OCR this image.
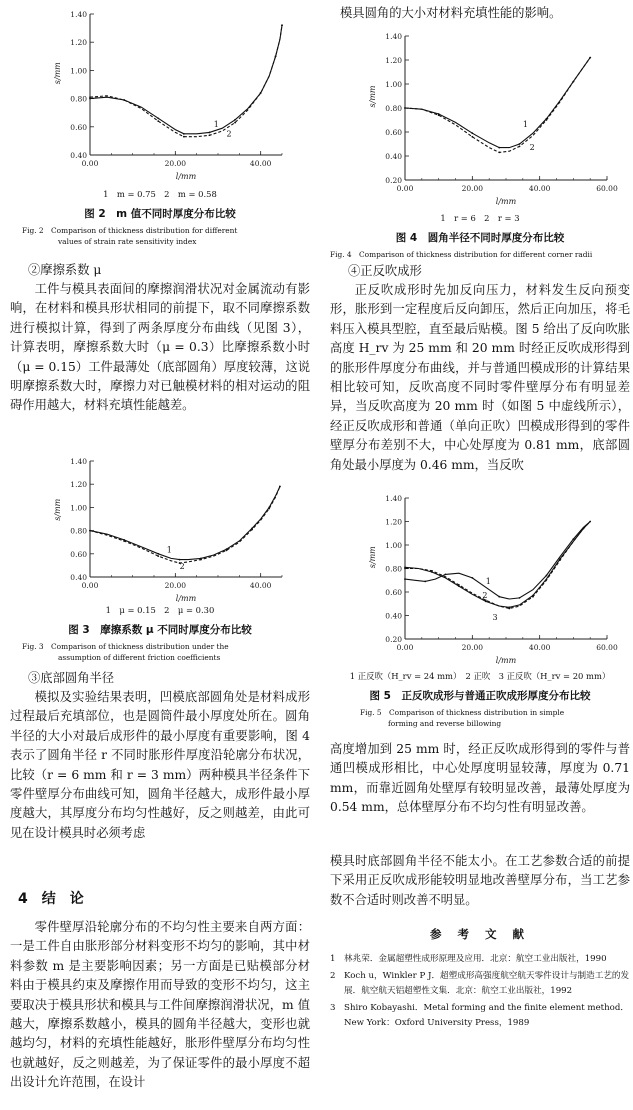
0.40
0.60
0.80
1.00
1.20
1.40
0.00	20.00	40.00
l/mm
s/mm
1
2
1　m = 0.75　2　m = 0.58
图 2　m 值不同时厚度分布比较
Fig. 2　Comparison of thickness distribution for different
values of strain rate sensitivity index

②摩擦系数 μ

工件与模具表面间的摩擦润滑状况对金属流动有影响，在材料和模具形状相同的前提下，取不同摩擦系数进行模拟计算，得到了两条厚度分布曲线（见图 3），计算表明，摩擦系数大时（μ = 0.3）比摩擦系数小时（μ = 0.15）工件最薄处（底部圆角）厚度较薄，这说明摩擦系数大时，摩擦力对已触模材料的相对运动的阻碍作用越大，材料充填性能越差。

0.40
0.60
0.80
1.00
1.20
1.40
0.00	20.00	40.00
l/mm
s/mm
1
2
1　μ = 0.15　2　μ = 0.30
图 3　摩擦系数 μ 不同时厚度分布比较
Fig. 3　Comparison of thickness distribution under the
assumption of different friction coefficients

③底部圆角半径

模拟及实验结果表明，凹模底部圆角处是材料成形过程最后充填部位，也是圆筒件最小厚度处所在。圆角半径的大小对最后成形件的最小厚度有重要影响，图 4 表示了圆角半径 r 不同时胀形件厚度沿轮廓分布状况，比较（r = 6 mm 和 r = 3 mm）两种模具半径条件下零件壁厚分布曲线可知，圆角半径越大，成形件最小厚度越大，其厚度分布均匀性越好，反之则越差，由此可见在设计模具时必须考虑

4　结　论

零件壁厚沿轮廓分布的不均匀性主要来自两方面：一是工件自由胀形部分材料变形不均匀的影响，其中材料参数 m 是主要影响因素；另一方面是已贴模部分材料由于模具约束及摩擦作用而导致的变形不均匀，这主要取决于模具形状和模具与工件间摩擦润滑状况，m 值越大，摩擦系数越小，模具的圆角半径越大，变形也就越均匀，材料的充填性能越好，胀形件壁厚分布均匀性也就越好，反之则越差，为了保证零件的最小厚度不超出设计允许范围，在设计

模具圆角的大小对材料充填性能的影响。

0.20
0.40
0.60
0.80
1.00
1.20
1.40
0.00	20.00	40.00	60.00
l/mm
s/mm
1
2
1　r = 6　2　r = 3
图 4　圆角半径不同时厚度分布比较
Fig. 4　Comparison of thickness distribution for different corner radii

④正反吹成形

正反吹成形时先加反向压力，材料发生反向预变形，胀形到一定程度后反向卸压，然后正向加压，将毛料压入模具型腔，直至最后贴模。图 5 给出了反向吹胀高度 H_rv 为 25 mm 和 20 mm 时经正反吹成形得到的胀形件厚度分布曲线，并与普通凹模成形的计算结果相比较可知，反吹高度不同时零件壁厚分布有明显差异，当反吹高度为 20 mm 时（如图 5 中虚线所示），经正反吹成形和普通（单向正吹）凹模成形得到的零件壁厚分布差别不大，中心处厚度为 0.81 mm，底部圆角处最小厚度为 0.46 mm，当反吹

0.20
0.40
0.60
0.80
1.00
1.20
1.40
0.00	20.00	40.00	60.00
l/mm
s/mm
1
2
3
1 正反吹（H_rv = 24 mm）　2 正吹　3 正反吹（H_rv = 20 mm）
图 5　正反吹成形与普通正吹成形厚度分布比较
Fig. 5　Comparison of thickness distribution in simple
forming and reverse billowing

高度增加到 25 mm 时，经正反吹成形得到的零件与普通凹模成形相比，中心处厚度明显较薄，厚度为 0.71 mm，而靠近圆角处壁厚有较明显改善，最薄处厚度为 0.54 mm，总体壁厚分布不均匀性有明显改善。

模具时底部圆角半径不能太小。在工艺参数合适的前提下采用正反吹成形能较明显地改善壁厚分布，当工艺参数不合适时则改善不明显。

参 考 文 献

1　林兆荣．金属超塑性成形原理及应用．北京：航空工业出版社，1990

2　Koch u，Winkler P J．超塑成形高强度航空航天零件设计与制造工艺的发展．航空航天铝超塑性文集．北京：航空工业出版社，1992

3　Shiro Kobayashi．Metal forming and the finite element method．New York：Oxford University Press，1989
